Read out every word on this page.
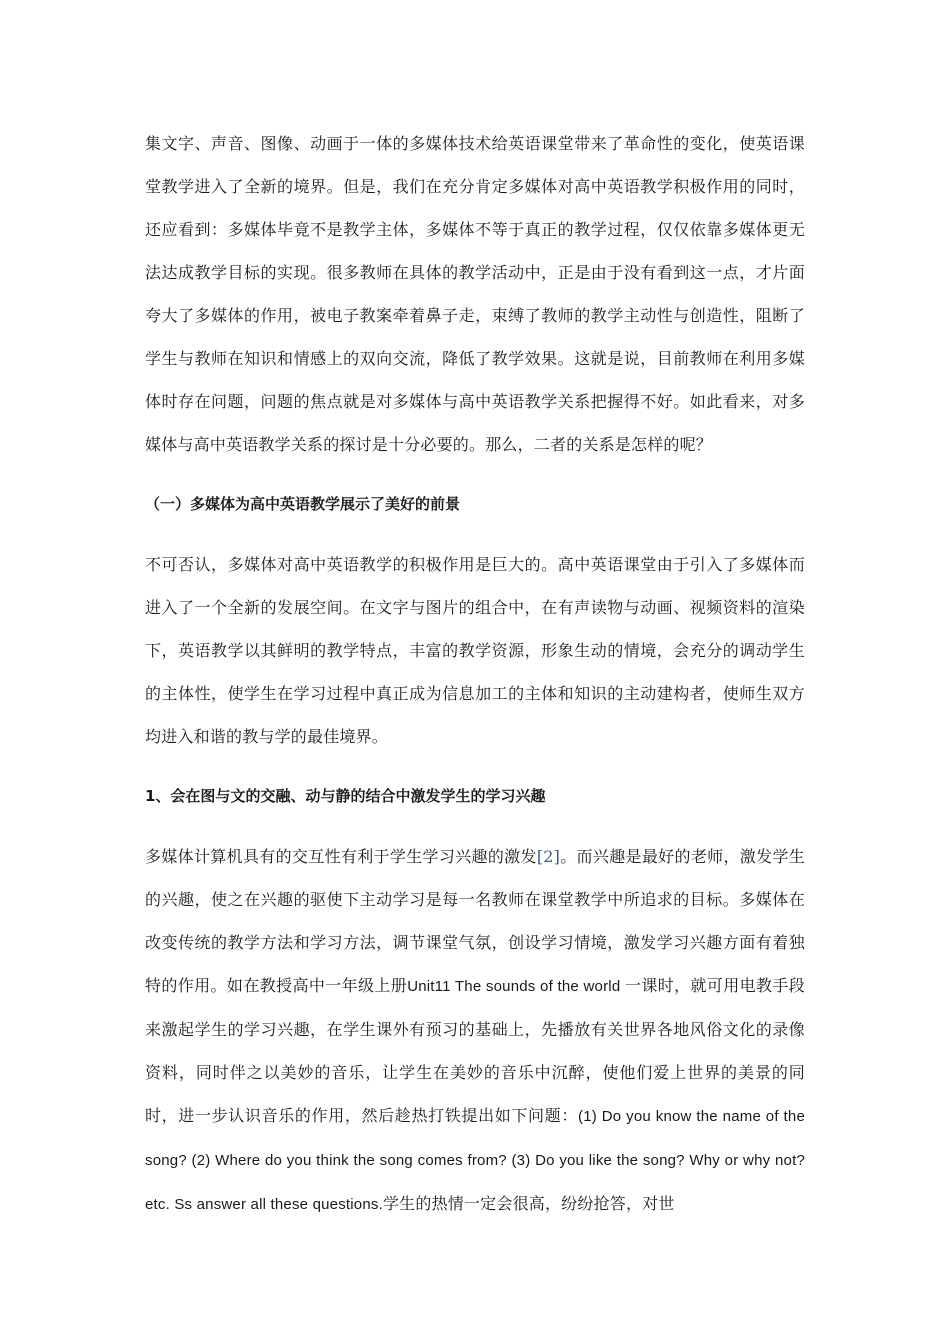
集文字、声音、图像、动画于一体的多媒体技术给英语课堂带来了革命性的变化，使英语课堂教学进入了全新的境界。但是，我们在充分肯定多媒体对高中英语教学积极作用的同时，还应看到：多媒体毕竟不是教学主体，多媒体不等于真正的教学过程，仅仅依靠多媒体更无法达成教学目标的实现。很多教师在具体的教学活动中，正是由于没有看到这一点，才片面夸大了多媒体的作用，被电子教案牵着鼻子走，束缚了教师的教学主动性与创造性，阻断了学生与教师在知识和情感上的双向交流，降低了教学效果。这就是说，目前教师在利用多媒体时存在问题，问题的焦点就是对多媒体与高中英语教学关系把握得不好。如此看来，对多媒体与高中英语教学关系的探讨是十分必要的。那么，二者的关系是怎样的呢？

（一）多媒体为高中英语教学展示了美好的前景

不可否认，多媒体对高中英语教学的积极作用是巨大的。高中英语课堂由于引入了多媒体而进入了一个全新的发展空间。在文字与图片的组合中，在有声读物与动画、视频资料的渲染下，英语教学以其鲜明的教学特点，丰富的教学资源，形象生动的情境，会充分的调动学生的主体性，使学生在学习过程中真正成为信息加工的主体和知识的主动建构者，使师生双方均进入和谐的教与学的最佳境界。

1、会在图与文的交融、动与静的结合中激发学生的学习兴趣

多媒体计算机具有的交互性有利于学生学习兴趣的激发[2]。而兴趣是最好的老师，激发学生的兴趣，使之在兴趣的驱使下主动学习是每一名教师在课堂教学中所追求的目标。多媒体在改变传统的教学方法和学习方法，调节课堂气氛，创设学习情境，激发学习兴趣方面有着独特的作用。如在教授高中一年级上册Unit11 The sounds of the world 一课时，就可用电教手段来激起学生的学习兴趣，在学生课外有预习的基础上，先播放有关世界各地风俗文化的录像资料，同时伴之以美妙的音乐，让学生在美妙的音乐中沉醉，使他们爱上世界的美景的同时，进一步认识音乐的作用，然后趁热打铁提出如下问题：(1) Do you know the name of the song? (2) Where do you think the song comes from? (3) Do you like the song? Why or why not? etc. Ss answer all these questions.学生的热情一定会很高，纷纷抢答，对世
